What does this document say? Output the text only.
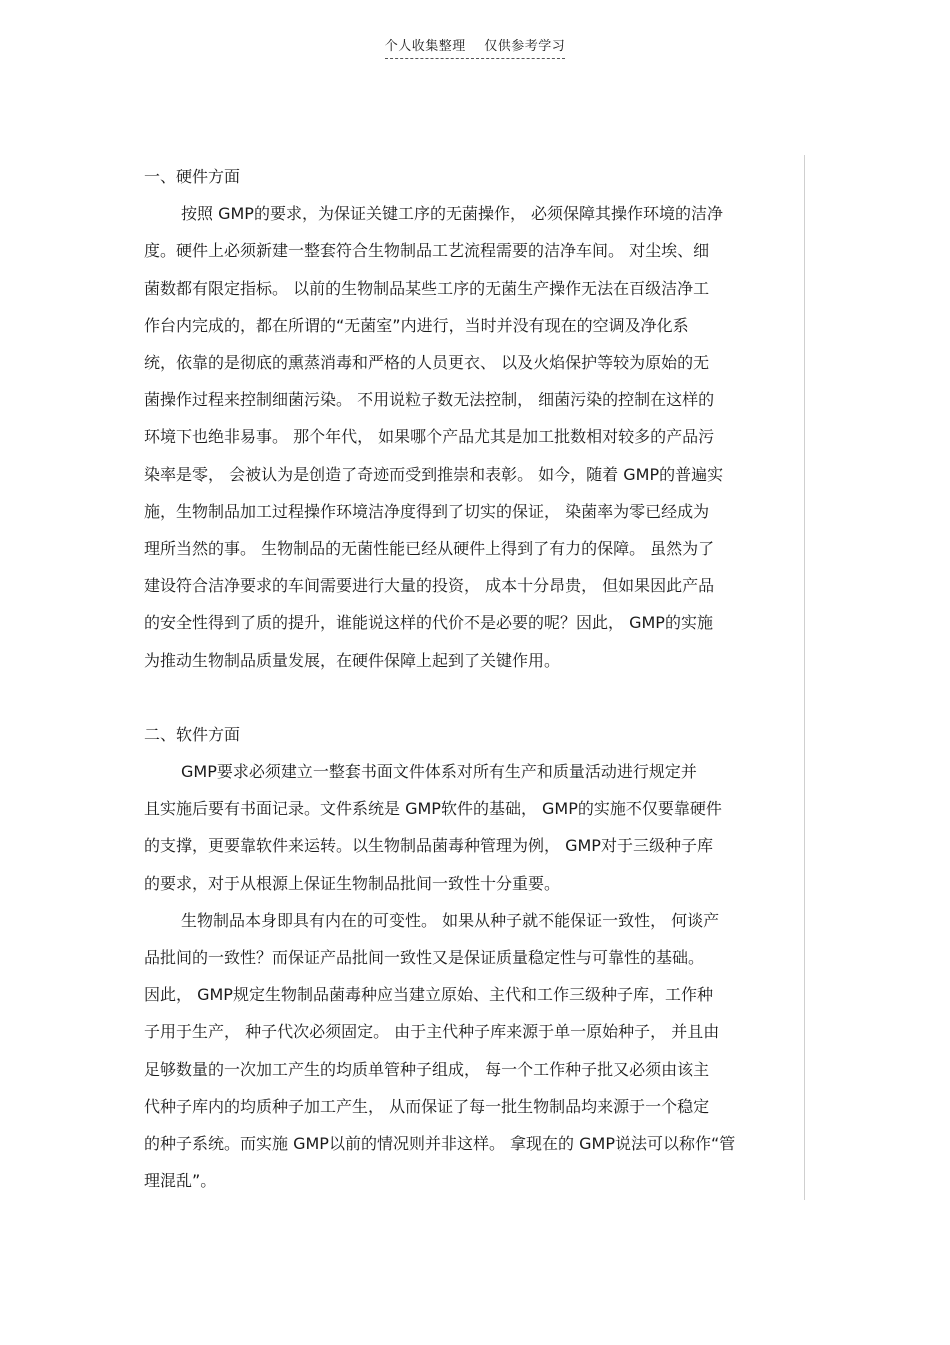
个人收集整理    仅供参考学习
一、硬件方面

按照 GMP的要求，为保证关键工序的无菌操作， 必须保障其操作环境的洁净

度。硬件上必须新建一整套符合生物制品工艺流程需要的洁净车间。 对尘埃、细

菌数都有限定指标。 以前的生物制品某些工序的无菌生产操作无法在百级洁净工

作台内完成的，都在所谓的“无菌室”内进行，当时并没有现在的空调及净化系

统，依靠的是彻底的熏蒸消毒和严格的人员更衣、 以及火焰保护等较为原始的无

菌操作过程来控制细菌污染。 不用说粒子数无法控制， 细菌污染的控制在这样的

环境下也绝非易事。 那个年代， 如果哪个产品尤其是加工批数相对较多的产品污

染率是零， 会被认为是创造了奇迹而受到推崇和表彰。 如今，随着 GMP的普遍实

施，生物制品加工过程操作环境洁净度得到了切实的保证， 染菌率为零已经成为

理所当然的事。 生物制品的无菌性能已经从硬件上得到了有力的保障。 虽然为了

建设符合洁净要求的车间需要进行大量的投资， 成本十分昂贵， 但如果因此产品

的安全性得到了质的提升，谁能说这样的代价不是必要的呢？因此， GMP的实施

为推动生物制品质量发展，在硬件保障上起到了关键作用。

二、软件方面

GMP要求必须建立一整套书面文件体系对所有生产和质量活动进行规定并

且实施后要有书面记录。文件系统是 GMP软件的基础， GMP的实施不仅要靠硬件

的支撑，更要靠软件来运转。以生物制品菌毒种管理为例， GMP对于三级种子库

的要求，对于从根源上保证生物制品批间一致性十分重要。

生物制品本身即具有内在的可变性。 如果从种子就不能保证一致性， 何谈产

品批间的一致性？而保证产品批间一致性又是保证质量稳定性与可靠性的基础。

因此， GMP规定生物制品菌毒种应当建立原始、主代和工作三级种子库，工作种

子用于生产， 种子代次必须固定。 由于主代种子库来源于单一原始种子， 并且由

足够数量的一次加工产生的均质单管种子组成， 每一个工作种子批又必须由该主

代种子库内的均质种子加工产生， 从而保证了每一批生物制品均来源于一个稳定

的种子系统。而实施 GMP以前的情况则并非这样。 拿现在的 GMP说法可以称作“管

理混乱”。
